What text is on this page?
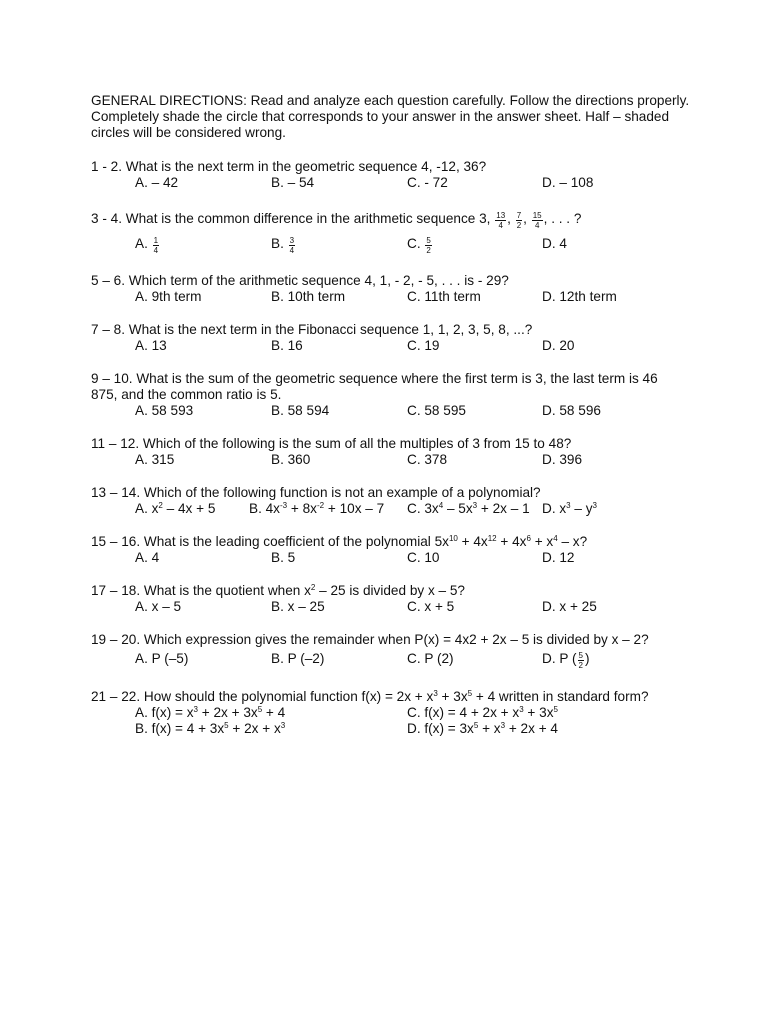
GENERAL DIRECTIONS: Read and analyze each question carefully. Follow the directions properly. Completely shade the circle that corresponds to your answer in the answer sheet. Half – shaded circles will be considered wrong.
1 - 2. What is the next term in the geometric sequence 4, -12, 36?
A. – 42	B. – 54	C. - 72	D. – 108
3 - 4. What is the common difference in the arithmetic sequence 3, $\frac{13}{4}$ , $\frac{7}{2}$ , $\frac{15}{4}$ , . . . ?
A. $\frac{1}{4}$	B. $\frac{3}{4}$	C. $\frac{5}{2}$	D. 4
5 – 6. Which term of the arithmetic sequence 4, 1, - 2, - 5, . . . is - 29?
A. 9th term	B. 10th term	C. 11th term	D. 12th term
7 – 8. What is the next term in the Fibonacci sequence 1, 1, 2, 3, 5, 8, ...?
A. 13	B. 16	C. 19	D. 20
9 – 10. What is the sum of the geometric sequence where the first term is 3, the last term is 46 875, and the common ratio is 5.
A. 58 593	B. 58 594	C. 58 595	D. 58 596
11 – 12. Which of the following is the sum of all the multiples of 3 from 15 to 48?
A. 315	B. 360	C. 378	D. 396
13 – 14. Which of the following function is not an example of a polynomial?
A. $x^2 - 4x + 5$ B. $4x^{-3} + 8x^{-2} + 10x - 7$ C. $3x^4 - 5x^3 + 2x - 1$ D. $x^3 - y^3$
15 – 16. What is the leading coefficient of the polynomial $5x^{10} + 4x^{12} + 4x^6 + x^4 - x$?
A. 4	B. 5	C. 10	D. 12
17 – 18. What is the quotient when $x^2 - 25$ is divided by x – 5?
A. x – 5	B. x – 25	C. x + 5	D. x + 25
19 – 20. Which expression gives the remainder when P(x) = 4x2 + 2x – 5 is divided by x – 2?
A. P (–5)	B. P (–2)	C. P (2)	D. P ( $\frac{5}{2}$ )
21 – 22. How should the polynomial function $f(x) = 2x + x^3 + 3x^5 + 4$ written in standard form?
A. $f(x) = x^3 + 2x + 3x^5 + 4$	C. $f(x) = 4 + 2x + x^3 + 3x^5$
B. $f(x) = 4 + 3x^5 + 2x + x^3$	D. $f(x) = 3x^5 + x^3 + 2x + 4$
